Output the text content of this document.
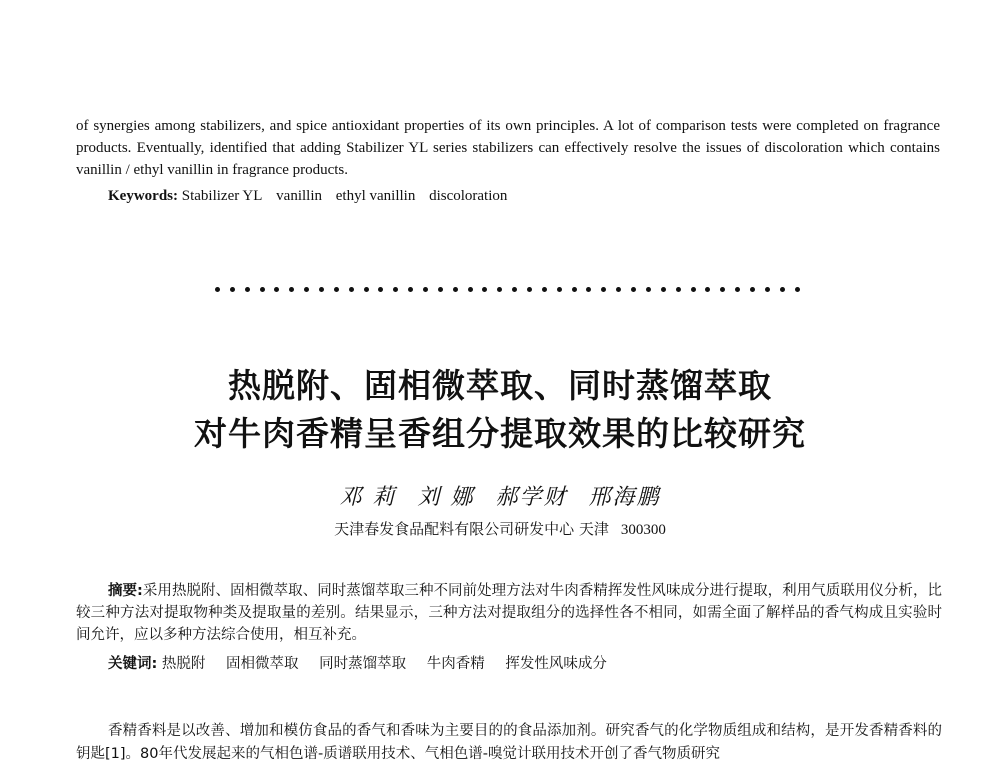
of synergies among stabilizers, and spice antioxidant properties of its own principles. A lot of comparison tests were completed on fragrance products. Eventually, identified that adding Stabilizer YL series stabilizers can effectively resolve the issues of discoloration which contains vanillin / ethyl vanillin in fragrance products.

Keywords: Stabilizer YL vanillin ethyl vanillin discoloration
热脱附、固相微萃取、同时蒸馏萃取
对牛肉香精呈香组分提取效果的比较研究
邓 莉 刘 娜 郝学财 邢海鹏
天津春发食品配料有限公司研发中心 天津 300300

摘要:采用热脱附、固相微萃取、同时蒸馏萃取三种不同前处理方法对牛肉香精挥发性风味成分进行提取，利用气质联用仪分析，比较三种方法对提取物种类及提取量的差别。结果显示，三种方法对提取组分的选择性各不相同，如需全面了解样品的香气构成且实验时间允许，应以多种方法综合使用，相互补充。

关键词: 热脱附 固相微萃取 同时蒸馏萃取 牛肉香精 挥发性风味成分

香精香料是以改善、增加和模仿食品的香气和香味为主要目的的食品添加剂。研究香气的化学物质组成和结构，是开发香精香料的钥匙[1]。80年代发展起来的气相色谱-质谱联用技术、气相色谱-嗅觉计联用技术开创了香气物质研究
